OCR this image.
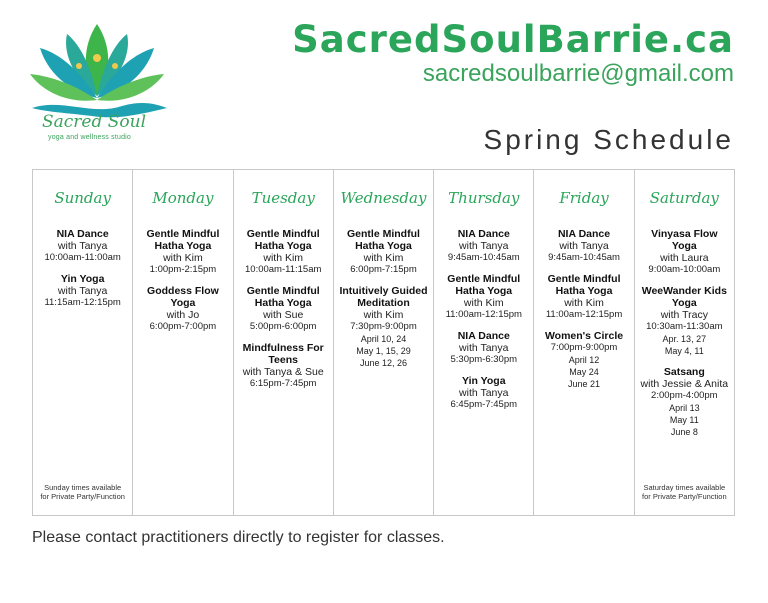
Sacred Soul
yoga and wellness studio
SacredSoulBarrie.ca
sacredsoulbarrie@gmail.com
Spring Schedule
Sunday
NIA Dance
with Tanya
10:00am-11:00am
Yin Yoga
with Tanya
11:15am-12:15pm
Sunday times available
for Private Party/Function
Monday
Gentle Mindful Hatha Yoga
with Kim
1:00pm-2:15pm
Goddess Flow Yoga
with Jo
6:00pm-7:00pm
Tuesday
Gentle Mindful Hatha Yoga
with Kim
10:00am-11:15am
Gentle Mindful Hatha Yoga
with Sue
5:00pm-6:00pm
Mindfulness For Teens
with Tanya & Sue
6:15pm-7:45pm
Wednesday
Gentle Mindful Hatha Yoga
with Kim
6:00pm-7:15pm
Intuitively Guided Meditation
with Kim
7:30pm-9:00pm
April 10, 24
May 1, 15, 29
June 12, 26
Thursday
NIA Dance
with Tanya
9:45am-10:45am
Gentle Mindful Hatha Yoga
with Kim
11:00am-12:15pm
NIA Dance
with Tanya
5:30pm-6:30pm
Yin Yoga
with Tanya
6:45pm-7:45pm
Friday
NIA Dance
with Tanya
9:45am-10:45am
Gentle Mindful Hatha Yoga
with Kim
11:00am-12:15pm
Women's Circle
7:00pm-9:00pm
April 12
May 24
June 21
Saturday
Vinyasa Flow Yoga
with Laura
9:00am-10:00am
WeeWander Kids Yoga
with Tracy
10:30am-11:30am
Apr. 13, 27
May 4, 11
Satsang
with Jessie & Anita
2:00pm-4:00pm
April 13
May 11
June 8
Saturday times available
for Private Party/Function
Please contact practitioners directly to register for classes.
